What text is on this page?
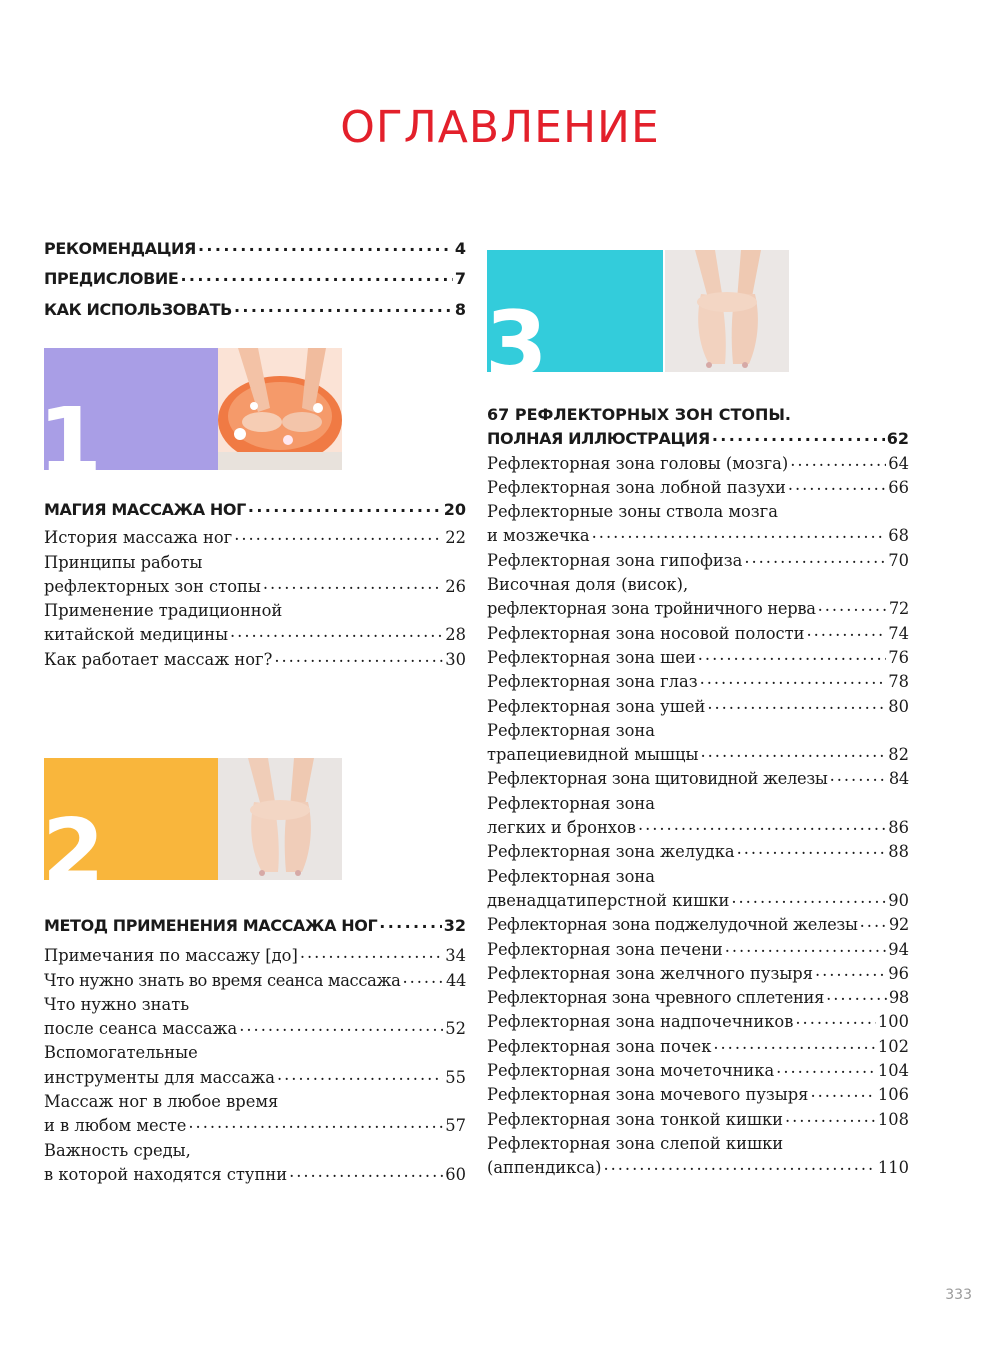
ОГЛАВЛЕНИЕ
РЕКОМЕНДАЦИЯ . . .	4
ПРЕДИСЛОВИЕ . . .	7
КАК ИСПОЛЬЗОВАТЬ . . .	8
1
МАГИЯ МАССАЖА НОГ . . .	20
История массажа ног . . .	22
Принципы работы
рефлекторных зон стопы . . .	26
Применение традиционной
китайской медицины . . .	28
Как работает массаж ног? . . .	30
2
МЕТОД ПРИМЕНЕНИЯ МАССАЖА НОГ . . .	32
Примечания по массажу [до] . . .	34
Что нужно знать во время сеанса массажа . . .	44
Что нужно знать
после сеанса массажа . . .	52
Вспомогательные
инструменты для массажа . . .	55
Массаж ног в любое время
и в любом месте . . .	57
Важность среды,
в которой находятся ступни . . .	60
3
67 РЕФЛЕКТОРНЫХ ЗОН СТОПЫ.
ПОЛНАЯ ИЛЛЮСТРАЦИЯ . . .	62
Рефлекторная зона головы (мозга) . . .	64
Рефлекторная зона лобной пазухи . . .	66
Рефлекторные зоны ствола мозга
и мозжечка . . .	68
Рефлекторная зона гипофиза . . .	70
Височная доля (висок),
рефлекторная зона тройничного нерва . . .	72
Рефлекторная зона носовой полости . . .	74
Рефлекторная зона шеи . . .	76
Рефлекторная зона глаз . . .	78
Рефлекторная зона ушей . . .	80
Рефлекторная зона
трапециевидной мышцы . . .	82
Рефлекторная зона щитовидной железы . . .	84
Рефлекторная зона
легких и бронхов . . .	86
Рефлекторная зона желудка . . .	88
Рефлекторная зона
двенадцатиперстной кишки . . .	90
Рефлекторная зона поджелудочной железы . . . 92
Рефлекторная зона печени . . .	94
Рефлекторная зона желчного пузыря . . .	96
Рефлекторная зона чревного сплетения . . .	98
Рефлекторная зона надпочечников . . .	100
Рефлекторная зона почек . . .	102
Рефлекторная зона мочеточника . . .	104
Рефлекторная зона мочевого пузыря . . .	106
Рефлекторная зона тонкой кишки . . .	108
Рефлекторная зона слепой кишки
(аппендикса) . . .	110
333
